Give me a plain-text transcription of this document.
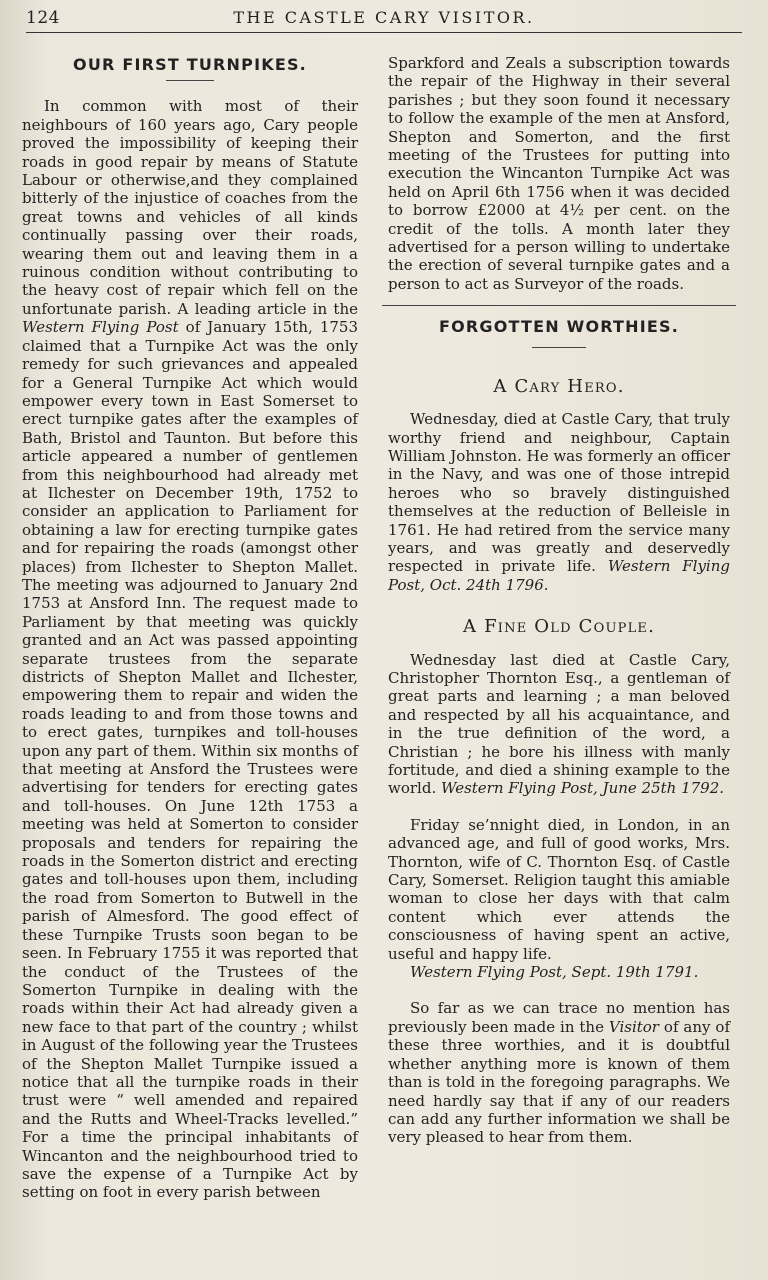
124	THE CASTLE CARY VISITOR.
OUR FIRST TURNPIKES.

In common with most of their neighbours of 160 years ago, Cary people proved the impossibility of keeping their roads in good repair by means of Statute Labour or otherwise,and they complained bitterly of the injustice of coaches from the great towns and vehicles of all kinds continually passing over their roads, wearing them out and leaving them in a ruinous condition without contributing to the heavy cost of repair which fell on the unfortunate parish. A leading article in the Western Flying Post of January 15th, 1753 claimed that a Turnpike Act was the only remedy for such grievances and appealed for a General Turnpike Act which would empower every town in East Somerset to erect turnpike gates after the examples of Bath, Bristol and Taunton. But before this article appeared a number of gentlemen from this neighbourhood had already met at Ilchester on December 19th, 1752 to consider an application to Parliament for obtaining a law for erecting turnpike gates and for repairing the roads (amongst other places) from Ilchester to Shepton Mallet. The meeting was adjourned to January 2nd 1753 at Ansford Inn. The request made to Parliament by that meeting was quickly granted and an Act was passed appointing separate trustees from the separate districts of Shepton Mallet and Ilchester, empowering them to repair and widen the roads leading to and from those towns and to erect gates, turnpikes and toll-houses upon any part of them. Within six months of that meeting at Ansford the Trustees were advertising for tenders for erecting gates and toll-houses. On June 12th 1753 a meeting was held at Somerton to consider proposals and tenders for repairing the roads in the Somerton district and erecting gates and toll-houses upon them, including the road from Somerton to Butwell in the parish of Almesford. The good effect of these Turnpike Trusts soon began to be seen. In February 1755 it was reported that the conduct of the Trustees of the Somerton Turnpike in dealing with the roads within their Act had already given a new face to that part of the country ; whilst in August of the following year the Trustees of the Shepton Mallet Turnpike issued a notice that all the turnpike roads in their trust were “ well amended and repaired and the Rutts and Wheel-Tracks levelled.” For a time the principal inhabitants of Wincanton and the neighbourhood tried to save the expense of a Turnpike Act by setting on foot in every parish between

Sparkford and Zeals a subscription towards the repair of the Highway in their several parishes ; but they soon found it necessary to follow the example of the men at Ansford, Shepton and Somerton, and the first meeting of the Trustees for putting into execution the Wincanton Turnpike Act was held on April 6th 1756 when it was decided to borrow £2000 at 4½ per cent. on the credit of the tolls. A month later they advertised for a person willing to undertake the erection of several turnpike gates and a person to act as Surveyor of the roads.

FORGOTTEN WORTHIES.
A Cary Hero.

Wednesday, died at Castle Cary, that truly worthy friend and neighbour, Captain William Johnston. He was formerly an officer in the Navy, and was one of those intrepid heroes who so bravely distinguished themselves at the reduction of Belleisle in 1761. He had retired from the service many years, and was greatly and deservedly respected in private life. Western Flying Post, Oct. 24th 1796.

A Fine Old Couple.

Wednesday last died at Castle Cary, Christopher Thornton Esq., a gentleman of great parts and learning ; a man beloved and respected by all his acquaintance, and in the true definition of the word, a Christian ; he bore his illness with manly fortitude, and died a shining example to the world. Western Flying Post, June 25th 1792.

Friday se’nnight died, in London, in an advanced age, and full of good works, Mrs. Thornton, wife of C. Thornton Esq. of Castle Cary, Somerset. Religion taught this amiable woman to close her days with that calm content which ever attends the consciousness of having spent an active, useful and happy life.

Western Flying Post, Sept. 19th 1791.

So far as we can trace no mention has previously been made in the Visitor of any of these three worthies, and it is doubtful whether anything more is known of them than is told in the foregoing paragraphs. We need hardly say that if any of our readers can add any further information we shall be very pleased to hear from them.
